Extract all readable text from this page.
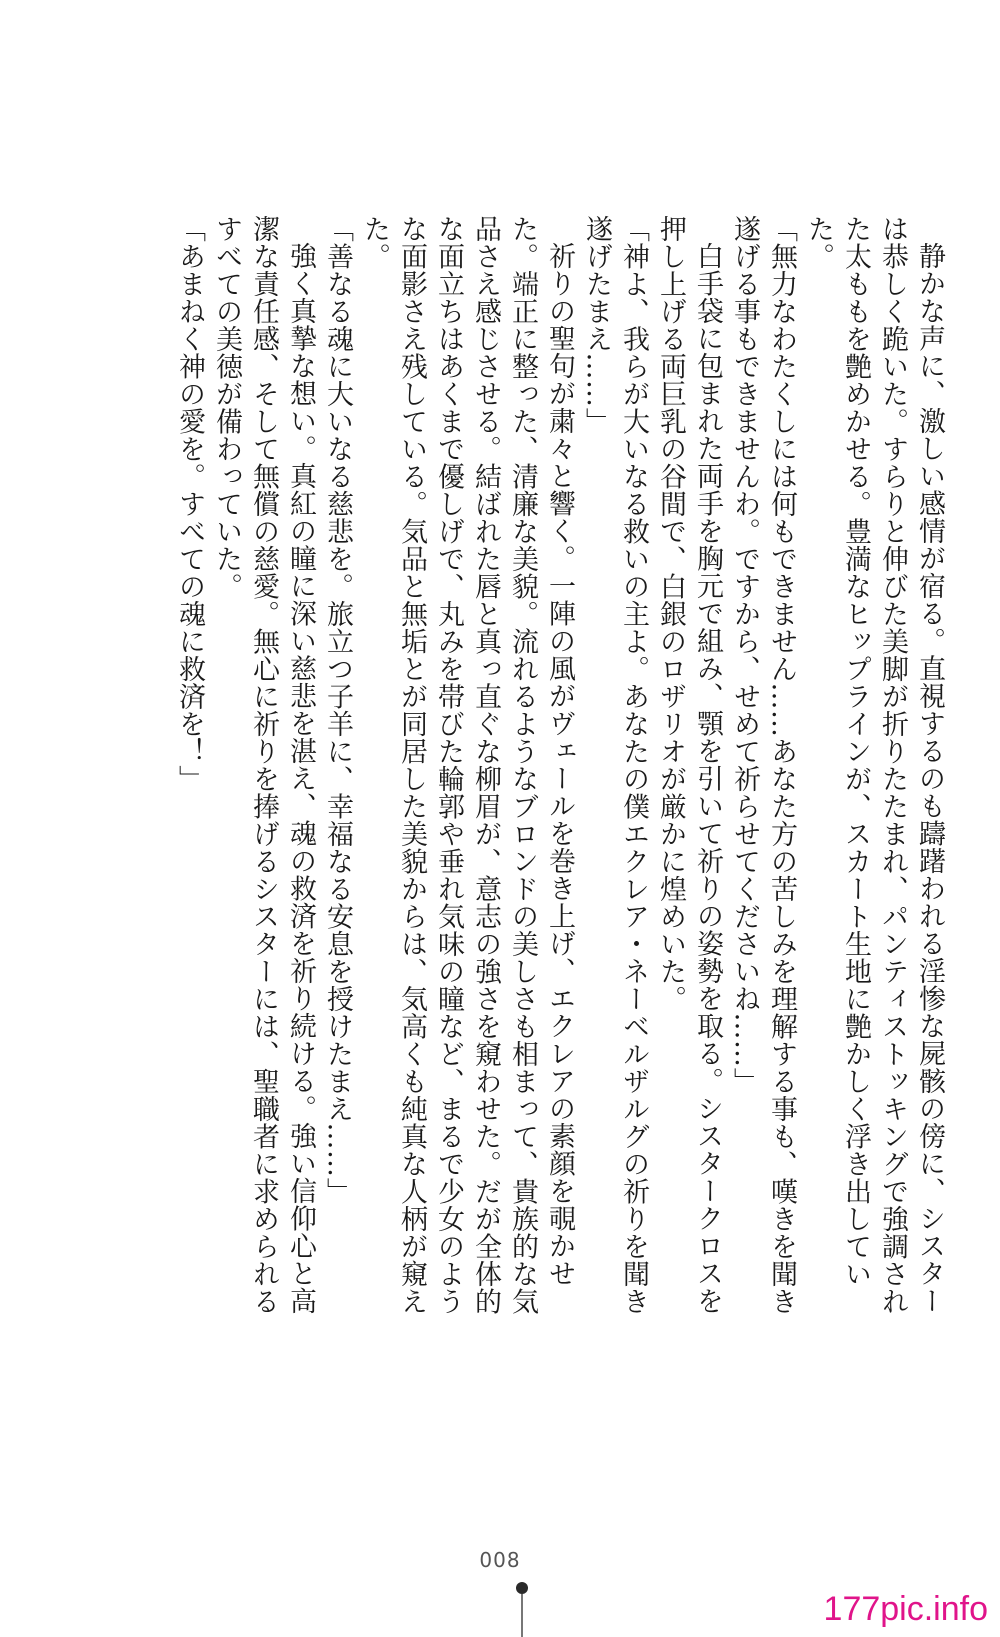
静かな声に、激しい感情が宿る。直視するのも躊躇われる淫惨な屍骸の傍に、シスターは恭しく跪いた。すらりと伸びた美脚が折りたたまれ、パンティストッキングで強調された太ももを艶めかせる。豊満なヒップラインが、スカート生地に艶かしく浮き出していた。

「無力なわたくしには何もできません……あなた方の苦しみを理解する事も、嘆きを聞き遂げる事もできませんわ。ですから、せめて祈らせてくださいね……」

白手袋に包まれた両手を胸元で組み、顎を引いて祈りの姿勢を取る。シスタークロスを押し上げる両巨乳の谷間で、白銀のロザリオが厳かに煌めいた。

「神よ、我らが大いなる救いの主よ。あなたの僕エクレア・ネーベルザルグの祈りを聞き遂げたまえ……」

祈りの聖句が粛々と響く。一陣の風がヴェールを巻き上げ、エクレアの素顔を覗かせた。端正に整った、清廉な美貌。流れるようなブロンドの美しさも相まって、貴族的な気品さえ感じさせる。結ばれた唇と真っ直ぐな柳眉が、意志の強さを窺わせた。だが全体的な面立ちはあくまで優しげで、丸みを帯びた輪郭や垂れ気味の瞳など、まるで少女のような面影さえ残している。気品と無垢とが同居した美貌からは、気高くも純真な人柄が窺えた。

「善なる魂に大いなる慈悲を。旅立つ子羊に、幸福なる安息を授けたまえ……」

強く真摯な想い。真紅の瞳に深い慈悲を湛え、魂の救済を祈り続ける。強い信仰心と高潔な責任感、そして無償の慈愛。無心に祈りを捧げるシスターには、聖職者に求められるすべての美徳が備わっていた。

「あまねく神の愛を。すべての魂に救済を！」

008
177pic.info
